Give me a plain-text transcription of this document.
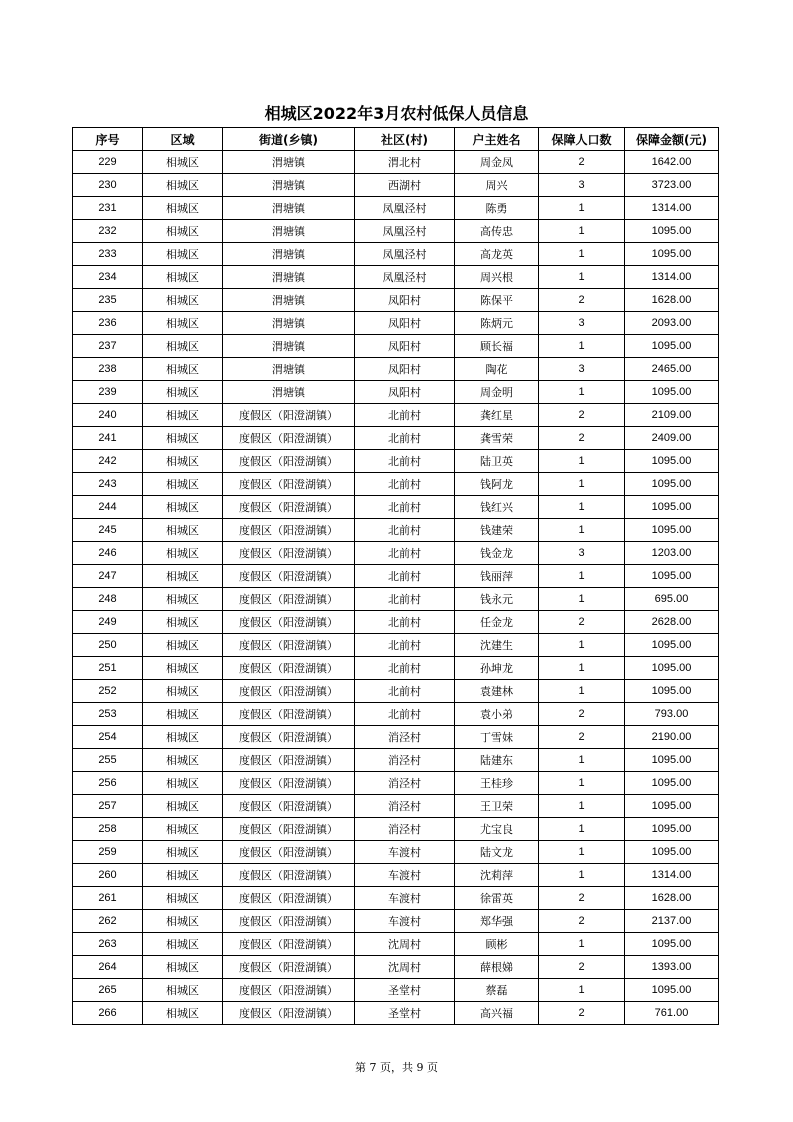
相城区2022年3月农村低保人员信息
序号	区域	街道(乡镇)	社区(村)	户主姓名	保障人口数	保障金额(元)
229	相城区	渭塘镇	渭北村	周金凤	2	1642.00
230	相城区	渭塘镇	西湖村	周兴	3	3723.00
231	相城区	渭塘镇	凤凰泾村	陈勇	1	1314.00
232	相城区	渭塘镇	凤凰泾村	高传忠	1	1095.00
233	相城区	渭塘镇	凤凰泾村	高龙英	1	1095.00
234	相城区	渭塘镇	凤凰泾村	周兴根	1	1314.00
235	相城区	渭塘镇	凤阳村	陈保平	2	1628.00
236	相城区	渭塘镇	凤阳村	陈炳元	3	2093.00
237	相城区	渭塘镇	凤阳村	顾长福	1	1095.00
238	相城区	渭塘镇	凤阳村	陶花	3	2465.00
239	相城区	渭塘镇	凤阳村	周金明	1	1095.00
240	相城区	度假区（阳澄湖镇）	北前村	龚红星	2	2109.00
241	相城区	度假区（阳澄湖镇）	北前村	龚雪荣	2	2409.00
242	相城区	度假区（阳澄湖镇）	北前村	陆卫英	1	1095.00
243	相城区	度假区（阳澄湖镇）	北前村	钱阿龙	1	1095.00
244	相城区	度假区（阳澄湖镇）	北前村	钱红兴	1	1095.00
245	相城区	度假区（阳澄湖镇）	北前村	钱建荣	1	1095.00
246	相城区	度假区（阳澄湖镇）	北前村	钱金龙	3	1203.00
247	相城区	度假区（阳澄湖镇）	北前村	钱丽萍	1	1095.00
248	相城区	度假区（阳澄湖镇）	北前村	钱永元	1	695.00
249	相城区	度假区（阳澄湖镇）	北前村	任金龙	2	2628.00
250	相城区	度假区（阳澄湖镇）	北前村	沈建生	1	1095.00
251	相城区	度假区（阳澄湖镇）	北前村	孙坤龙	1	1095.00
252	相城区	度假区（阳澄湖镇）	北前村	袁建林	1	1095.00
253	相城区	度假区（阳澄湖镇）	北前村	袁小弟	2	793.00
254	相城区	度假区（阳澄湖镇）	消泾村	丁雪妹	2	2190.00
255	相城区	度假区（阳澄湖镇）	消泾村	陆建东	1	1095.00
256	相城区	度假区（阳澄湖镇）	消泾村	王桂珍	1	1095.00
257	相城区	度假区（阳澄湖镇）	消泾村	王卫荣	1	1095.00
258	相城区	度假区（阳澄湖镇）	消泾村	尤宝良	1	1095.00
259	相城区	度假区（阳澄湖镇）	车渡村	陆文龙	1	1095.00
260	相城区	度假区（阳澄湖镇）	车渡村	沈莉萍	1	1314.00
261	相城区	度假区（阳澄湖镇）	车渡村	徐雷英	2	1628.00
262	相城区	度假区（阳澄湖镇）	车渡村	郑华强	2	2137.00
263	相城区	度假区（阳澄湖镇）	沈周村	顾彬	1	1095.00
264	相城区	度假区（阳澄湖镇）	沈周村	薛根娣	2	1393.00
265	相城区	度假区（阳澄湖镇）	圣堂村	蔡磊	1	1095.00
266	相城区	度假区（阳澄湖镇）	圣堂村	高兴福	2	761.00
第 7 页，共 9 页
